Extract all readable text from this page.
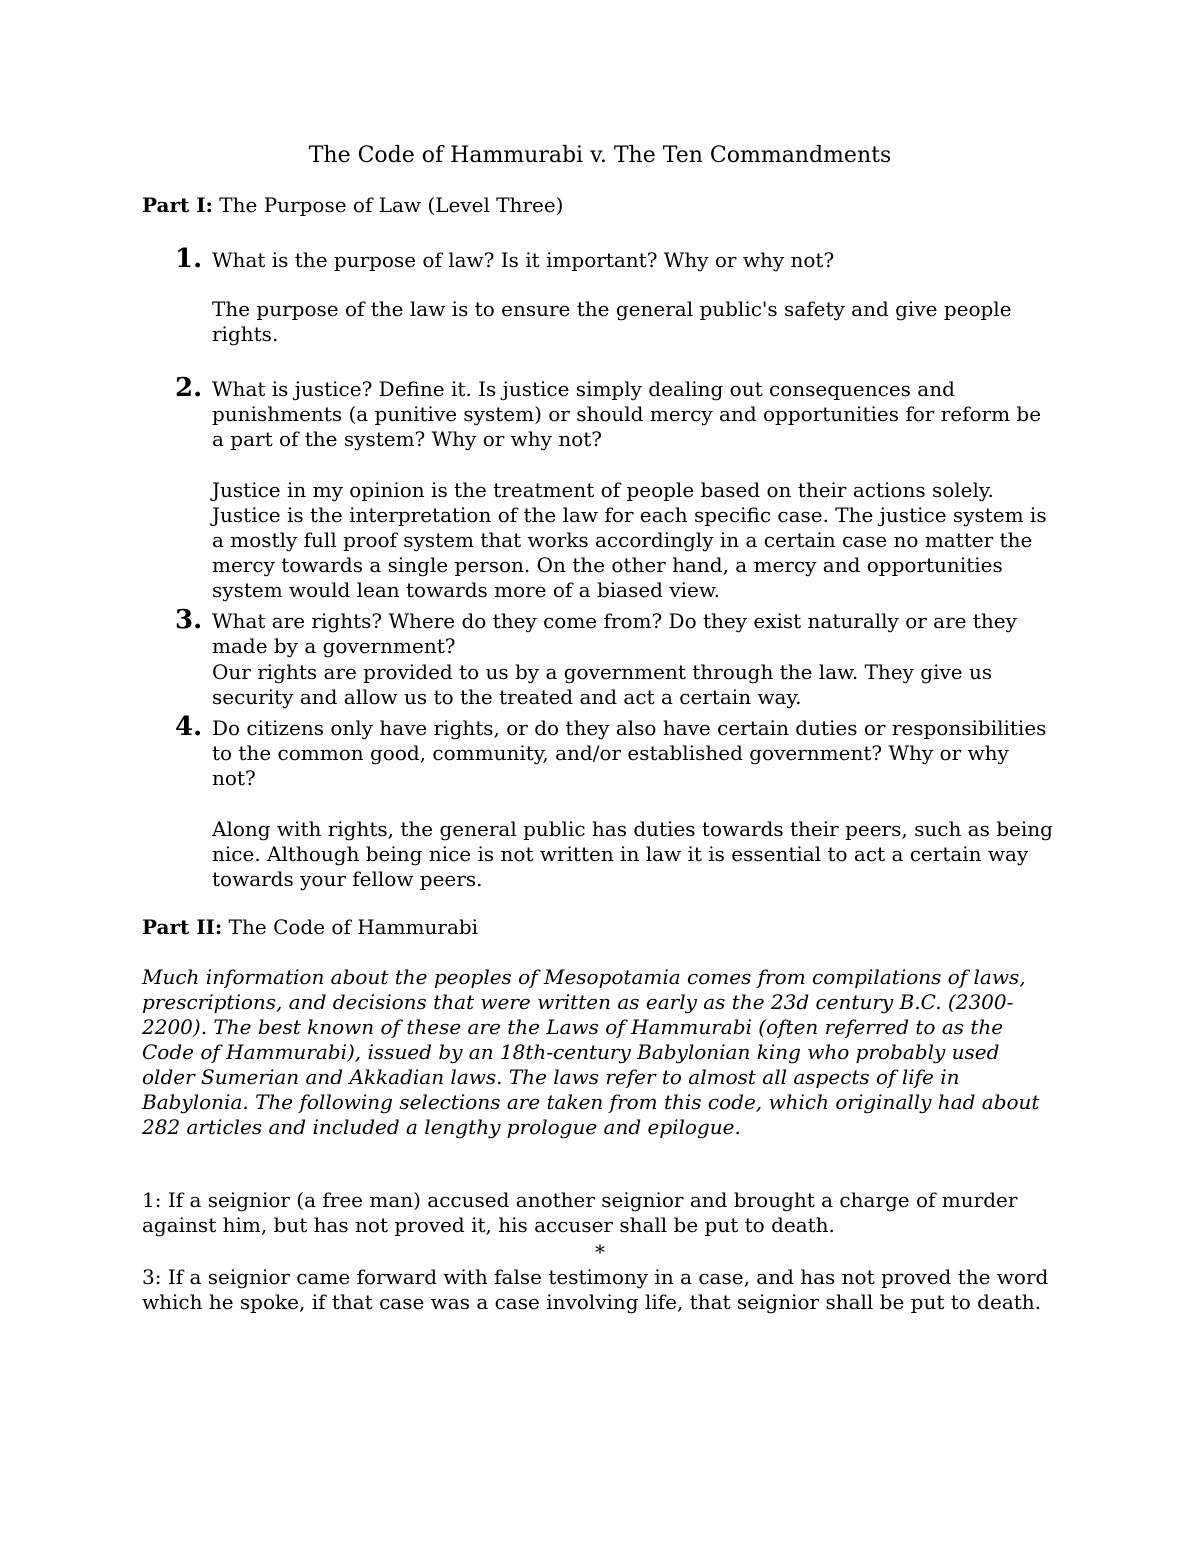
The Code of Hammurabi v. The Ten Commandments

Part I: The Purpose of Law (Level Three)

1. What is the purpose of law? Is it important? Why or why not?

The purpose of the law is to ensure the general public's safety and give people rights.

2. What is justice? Define it. Is justice simply dealing out consequences and punishments (a punitive system) or should mercy and opportunities for reform be a part of the system? Why or why not?

Justice in my opinion is the treatment of people based on their actions solely. Justice is the interpretation of the law for each specific case. The justice system is a mostly full proof system that works accordingly in a certain case no matter the mercy towards a single person. On the other hand, a mercy and opportunities system would lean towards more of a biased view.

3. What are rights? Where do they come from? Do they exist naturally or are they made by a government?

Our rights are provided to us by a government through the law. They give us security and allow us to the treated and act a certain way.

4. Do citizens only have rights, or do they also have certain duties or responsibilities to the common good, community, and/or established government? Why or why not?

Along with rights, the general public has duties towards their peers, such as being nice. Although being nice is not written in law it is essential to act a certain way towards your fellow peers.

Part II: The Code of Hammurabi

Much information about the peoples of Mesopotamia comes from compilations of laws, prescriptions, and decisions that were written as early as the 23d century B.C. (2300-2200). The best known of these are the Laws of Hammurabi (often referred to as the Code of Hammurabi), issued by an 18th-century Babylonian king who probably used older Sumerian and Akkadian laws. The laws refer to almost all aspects of life in Babylonia. The following selections are taken from this code, which originally had about 282 articles and included a lengthy prologue and epilogue.

1: If a seignior (a free man) accused another seignior and brought a charge of murder against him, but has not proved it, his accuser shall be put to death.

*

3: If a seignior came forward with false testimony in a case, and has not proved the word which he spoke, if that case was a case involving life, that seignior shall be put to death.
